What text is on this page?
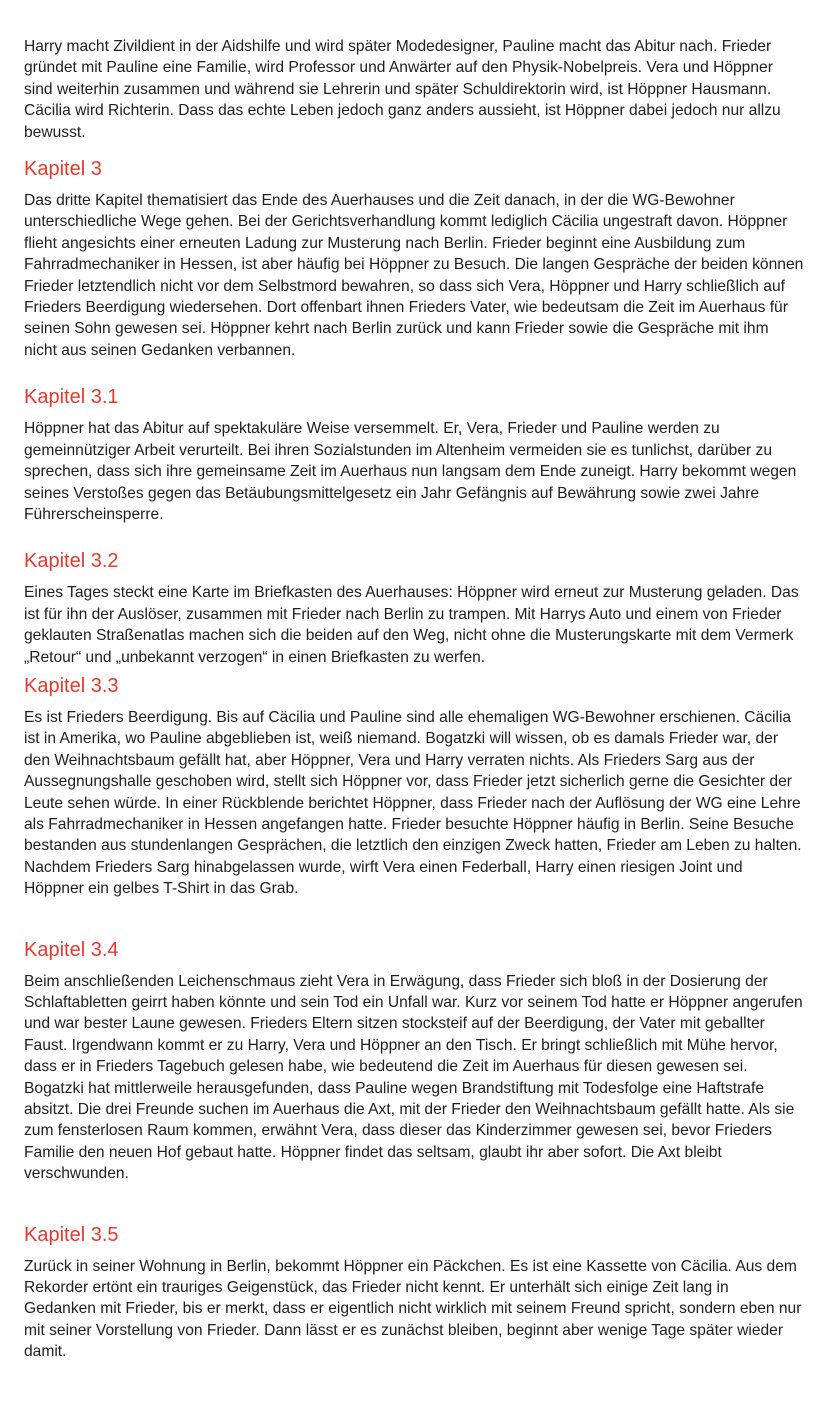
Harry macht Zivildient in der Aidshilfe und wird später Modedesigner, Pauline macht das Abitur nach. Frieder gründet mit Pauline eine Familie, wird Professor und Anwärter auf den Physik-Nobelpreis. Vera und Höppner sind weiterhin zusammen und während sie Lehrerin und später Schuldirektorin wird, ist Höppner Hausmann. Cäcilia wird Richterin. Dass das echte Leben jedoch ganz anders aussieht, ist Höppner dabei jedoch nur allzu bewusst.

Kapitel 3

Das dritte Kapitel thematisiert das Ende des Auerhauses und die Zeit danach, in der die WG-Bewohner unterschiedliche Wege gehen. Bei der Gerichtsverhandlung kommt lediglich Cäcilia ungestraft davon. Höppner flieht angesichts einer erneuten Ladung zur Musterung nach Berlin. Frieder beginnt eine Ausbildung zum Fahrradmechaniker in Hessen, ist aber häufig bei Höppner zu Besuch. Die langen Gespräche der beiden können Frieder letztendlich nicht vor dem Selbstmord bewahren, so dass sich Vera, Höppner und Harry schließlich auf Frieders Beerdigung wiedersehen. Dort offenbart ihnen Frieders Vater, wie bedeutsam die Zeit im Auerhaus für seinen Sohn gewesen sei. Höppner kehrt nach Berlin zurück und kann Frieder sowie die Gespräche mit ihm nicht aus seinen Gedanken verbannen.

Kapitel 3.1

Höppner hat das Abitur auf spektakuläre Weise versemmelt. Er, Vera, Frieder und Pauline werden zu gemeinnütziger Arbeit verurteilt. Bei ihren Sozialstunden im Altenheim vermeiden sie es tunlichst, darüber zu sprechen, dass sich ihre gemeinsame Zeit im Auerhaus nun langsam dem Ende zuneigt. Harry bekommt wegen seines Verstoßes gegen das Betäubungsmittelgesetz ein Jahr Gefängnis auf Bewährung sowie zwei Jahre Führerscheinsperre.

Kapitel 3.2

Eines Tages steckt eine Karte im Briefkasten des Auerhauses: Höppner wird erneut zur Musterung geladen. Das ist für ihn der Auslöser, zusammen mit Frieder nach Berlin zu trampen. Mit Harrys Auto und einem von Frieder geklauten Straßenatlas machen sich die beiden auf den Weg, nicht ohne die Musterungskarte mit dem Vermerk „Retour“ und „unbekannt verzogen“ in einen Briefkasten zu werfen.

Kapitel 3.3

Es ist Frieders Beerdigung. Bis auf Cäcilia und Pauline sind alle ehemaligen WG-Bewohner erschienen. Cäcilia ist in Amerika, wo Pauline abgeblieben ist, weiß niemand. Bogatzki will wissen, ob es damals Frieder war, der den Weihnachtsbaum gefällt hat, aber Höppner, Vera und Harry verraten nichts. Als Frieders Sarg aus der Aussegnungshalle geschoben wird, stellt sich Höppner vor, dass Frieder jetzt sicherlich gerne die Gesichter der Leute sehen würde. In einer Rückblende berichtet Höppner, dass Frieder nach der Auflösung der WG eine Lehre als Fahrradmechaniker in Hessen angefangen hatte. Frieder besuchte Höppner häufig in Berlin. Seine Besuche bestanden aus stundenlangen Gesprächen, die letztlich den einzigen Zweck hatten, Frieder am Leben zu halten. Nachdem Frieders Sarg hinabgelassen wurde, wirft Vera einen Federball, Harry einen riesigen Joint und Höppner ein gelbes T-Shirt in das Grab.

Kapitel 3.4

Beim anschließenden Leichenschmaus zieht Vera in Erwägung, dass Frieder sich bloß in der Dosierung der Schlaftabletten geirrt haben könnte und sein Tod ein Unfall war. Kurz vor seinem Tod hatte er Höppner angerufen und war bester Laune gewesen. Frieders Eltern sitzen stocksteif auf der Beerdigung, der Vater mit geballter Faust. Irgendwann kommt er zu Harry, Vera und Höppner an den Tisch. Er bringt schließlich mit Mühe hervor, dass er in Frieders Tagebuch gelesen habe, wie bedeutend die Zeit im Auerhaus für diesen gewesen sei. Bogatzki hat mittlerweile herausgefunden, dass Pauline wegen Brandstiftung mit Todesfolge eine Haftstrafe absitzt. Die drei Freunde suchen im Auerhaus die Axt, mit der Frieder den Weihnachtsbaum gefällt hatte. Als sie zum fensterlosen Raum kommen, erwähnt Vera, dass dieser das Kinderzimmer gewesen sei, bevor Frieders Familie den neuen Hof gebaut hatte. Höppner findet das seltsam, glaubt ihr aber sofort. Die Axt bleibt verschwunden.

Kapitel 3.5

Zurück in seiner Wohnung in Berlin, bekommt Höppner ein Päckchen. Es ist eine Kassette von Cäcilia. Aus dem Rekorder ertönt ein trauriges Geigenstück, das Frieder nicht kennt. Er unterhält sich einige Zeit lang in Gedanken mit Frieder, bis er merkt, dass er eigentlich nicht wirklich mit seinem Freund spricht, sondern eben nur mit seiner Vorstellung von Frieder. Dann lässt er es zunächst bleiben, beginnt aber wenige Tage später wieder damit.
